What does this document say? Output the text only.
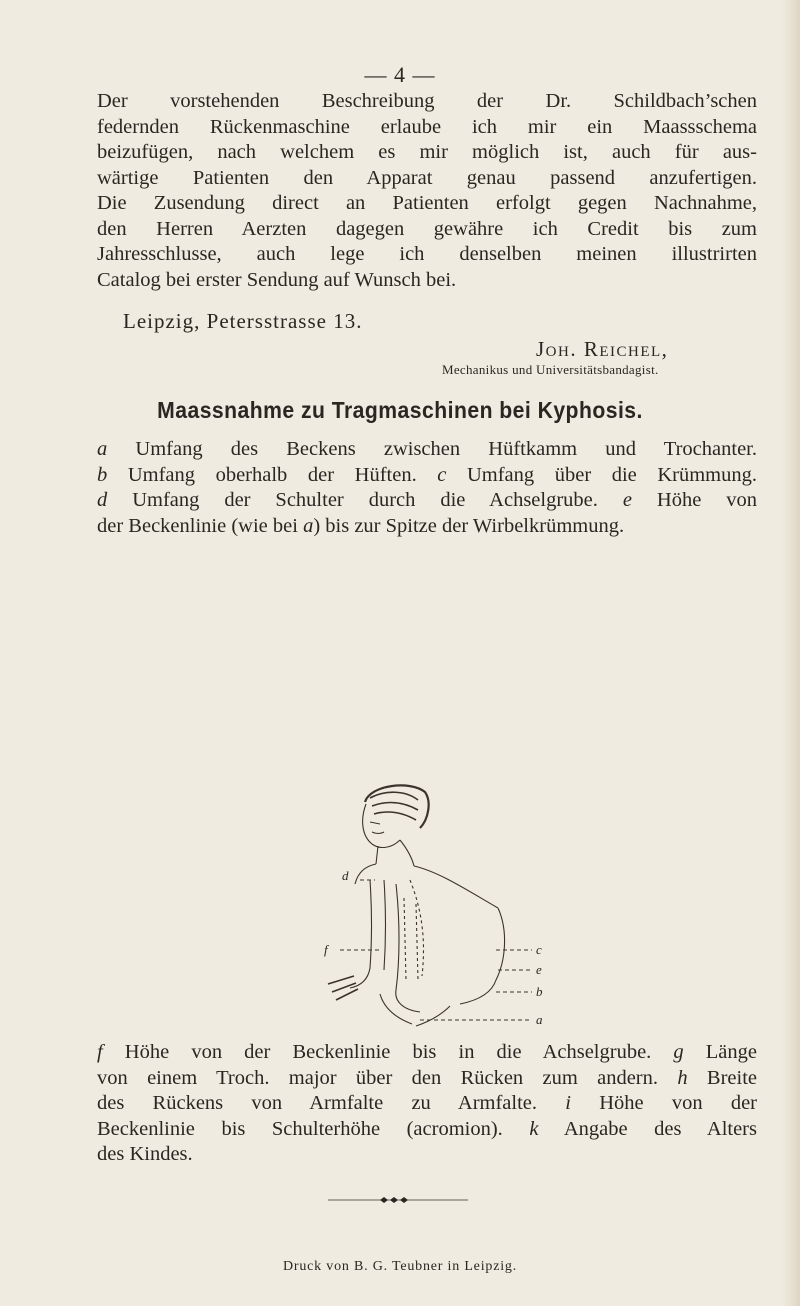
— 4 —
Der vorstehenden Beschreibung der Dr. Schildbach’schen
federnden Rückenmaschine erlaube ich mir ein Maassschema
beizufügen, nach welchem es mir möglich ist, auch für aus-
wärtige Patienten den Apparat genau passend anzufertigen.
Die Zusendung direct an Patienten erfolgt gegen Nachnahme,
den Herren Aerzten dagegen gewähre ich Credit bis zum
Jahresschlusse, auch lege ich denselben meinen illustrirten
Catalog bei erster Sendung auf Wunsch bei.
Leipzig, Petersstrasse 13.
Joh. Reichel,
Mechanikus und Universitätsbandagist.
Maassnahme zu Tragmaschinen bei Kyphosis.
a Umfang des Beckens zwischen Hüftkamm und Trochanter.
b Umfang oberhalb der Hüften. c Umfang über die Krümmung.
d Umfang der Schulter durch die Achselgrube. e Höhe von
der Beckenlinie (wie bei a) bis zur Spitze der Wirbelkrümmung.
d
f	c
e
b
a
f Höhe von der Beckenlinie bis in die Achselgrube. g Länge
von einem Troch. major über den Rücken zum andern. h Breite
des Rückens von Armfalte zu Armfalte. i Höhe von der
Beckenlinie bis Schulterhöhe (acromion). k Angabe des Alters
des Kindes.
Druck von B. G. Teubner in Leipzig.
